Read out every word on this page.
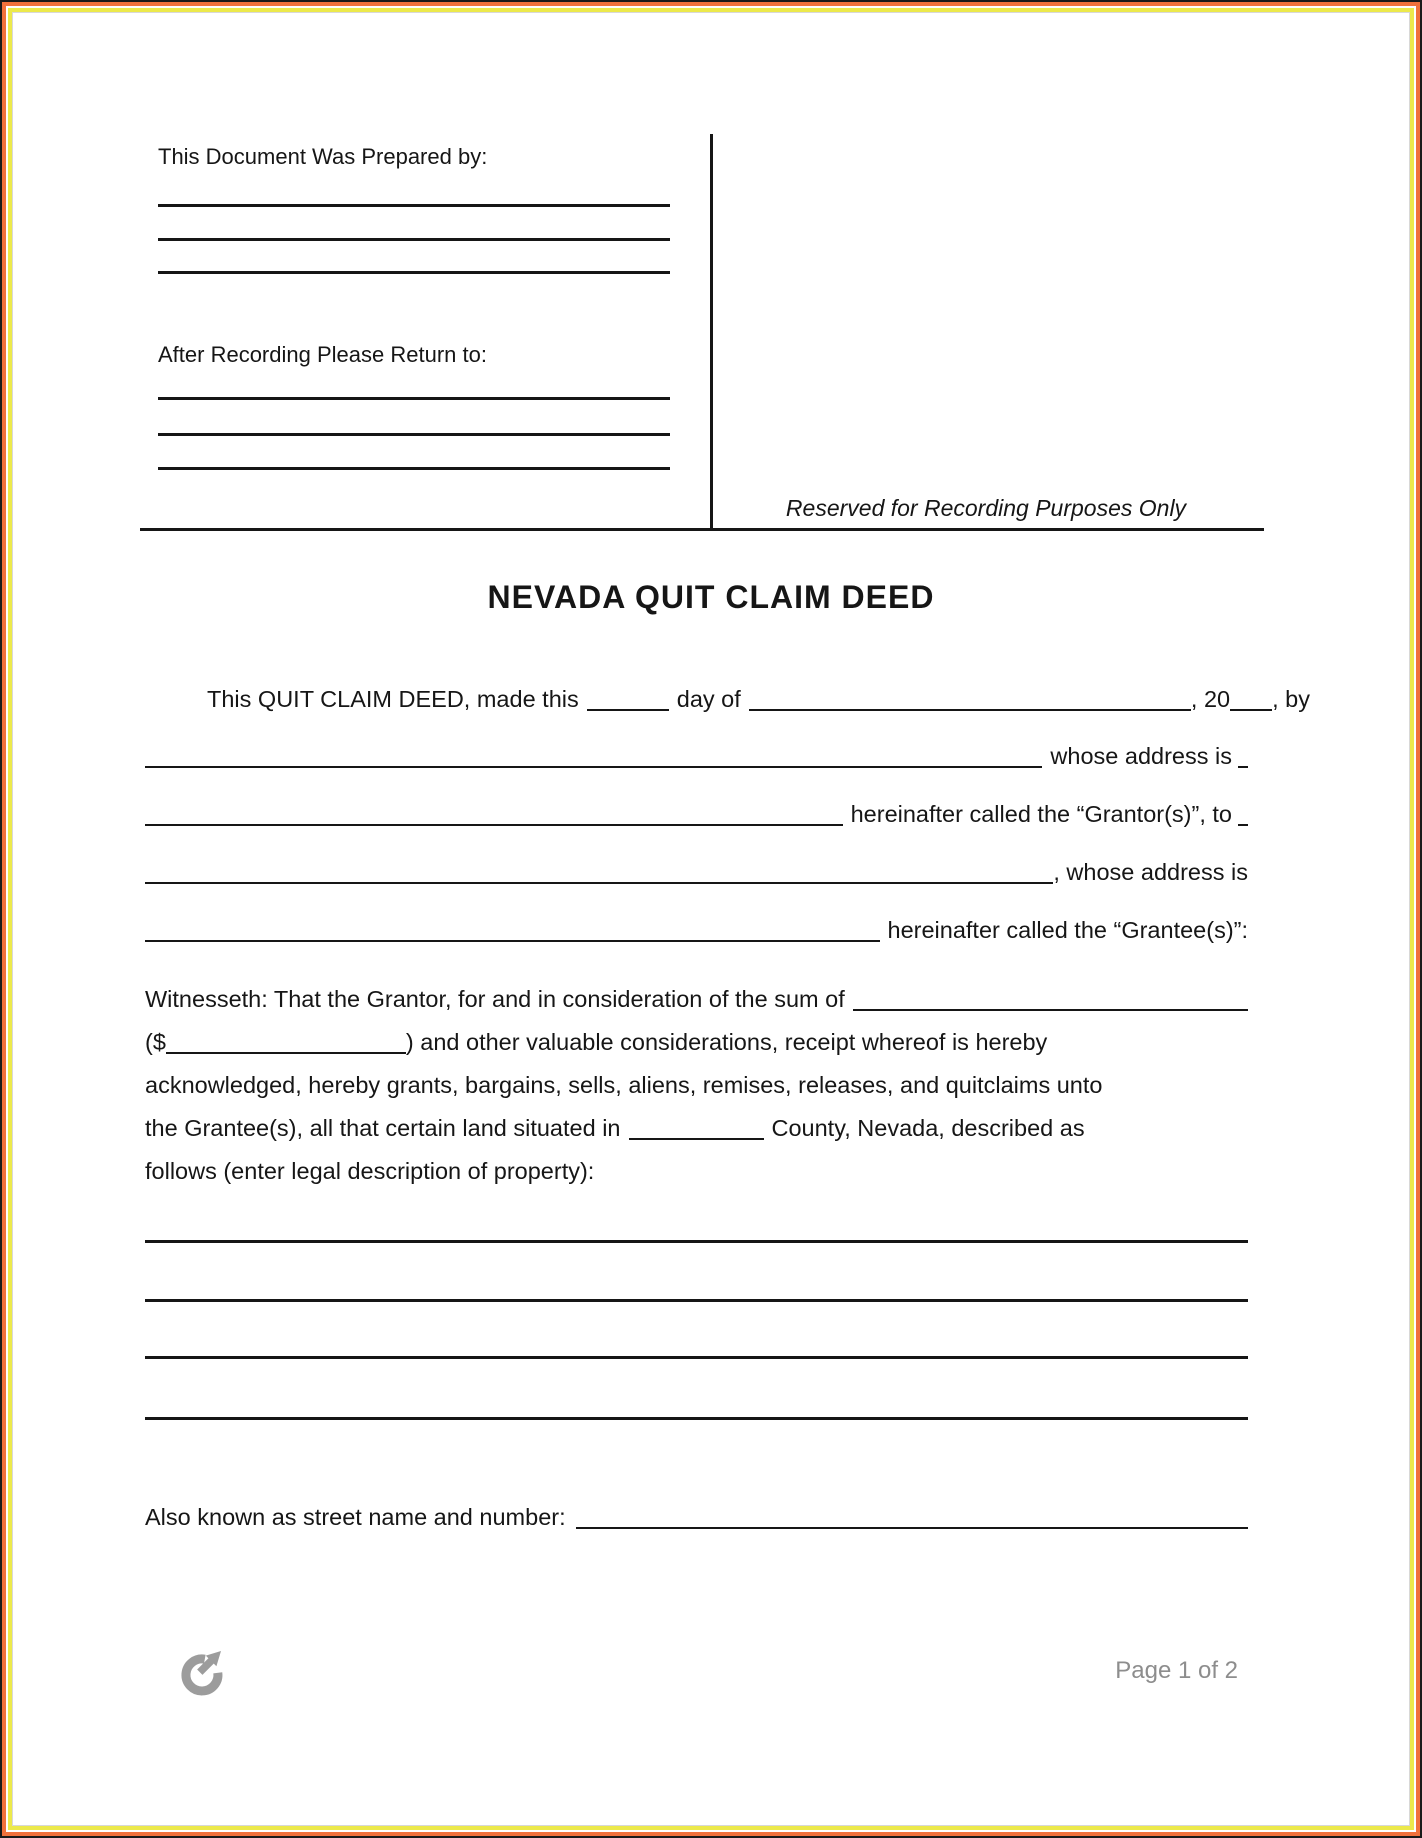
This Document Was Prepared by:
After Recording Please Return to:
Reserved for Recording Purposes Only
NEVADA QUIT CLAIM DEED
This QUIT CLAIM DEED, made this	day of	, 20 , by
whose address is
hereinafter called the “Grantor(s)”, to
, whose address is
hereinafter called the “Grantee(s)”:
Witnesseth: That the Grantor, for and in consideration of the sum of
($	) and other valuable considerations, receipt whereof is hereby
acknowledged, hereby grants, bargains, sells, aliens, remises, releases, and quitclaims unto
the Grantee(s), all that certain land situated in	County, Nevada, described as
follows (enter legal description of property):
Also known as street name and number:
Page 1 of 2
